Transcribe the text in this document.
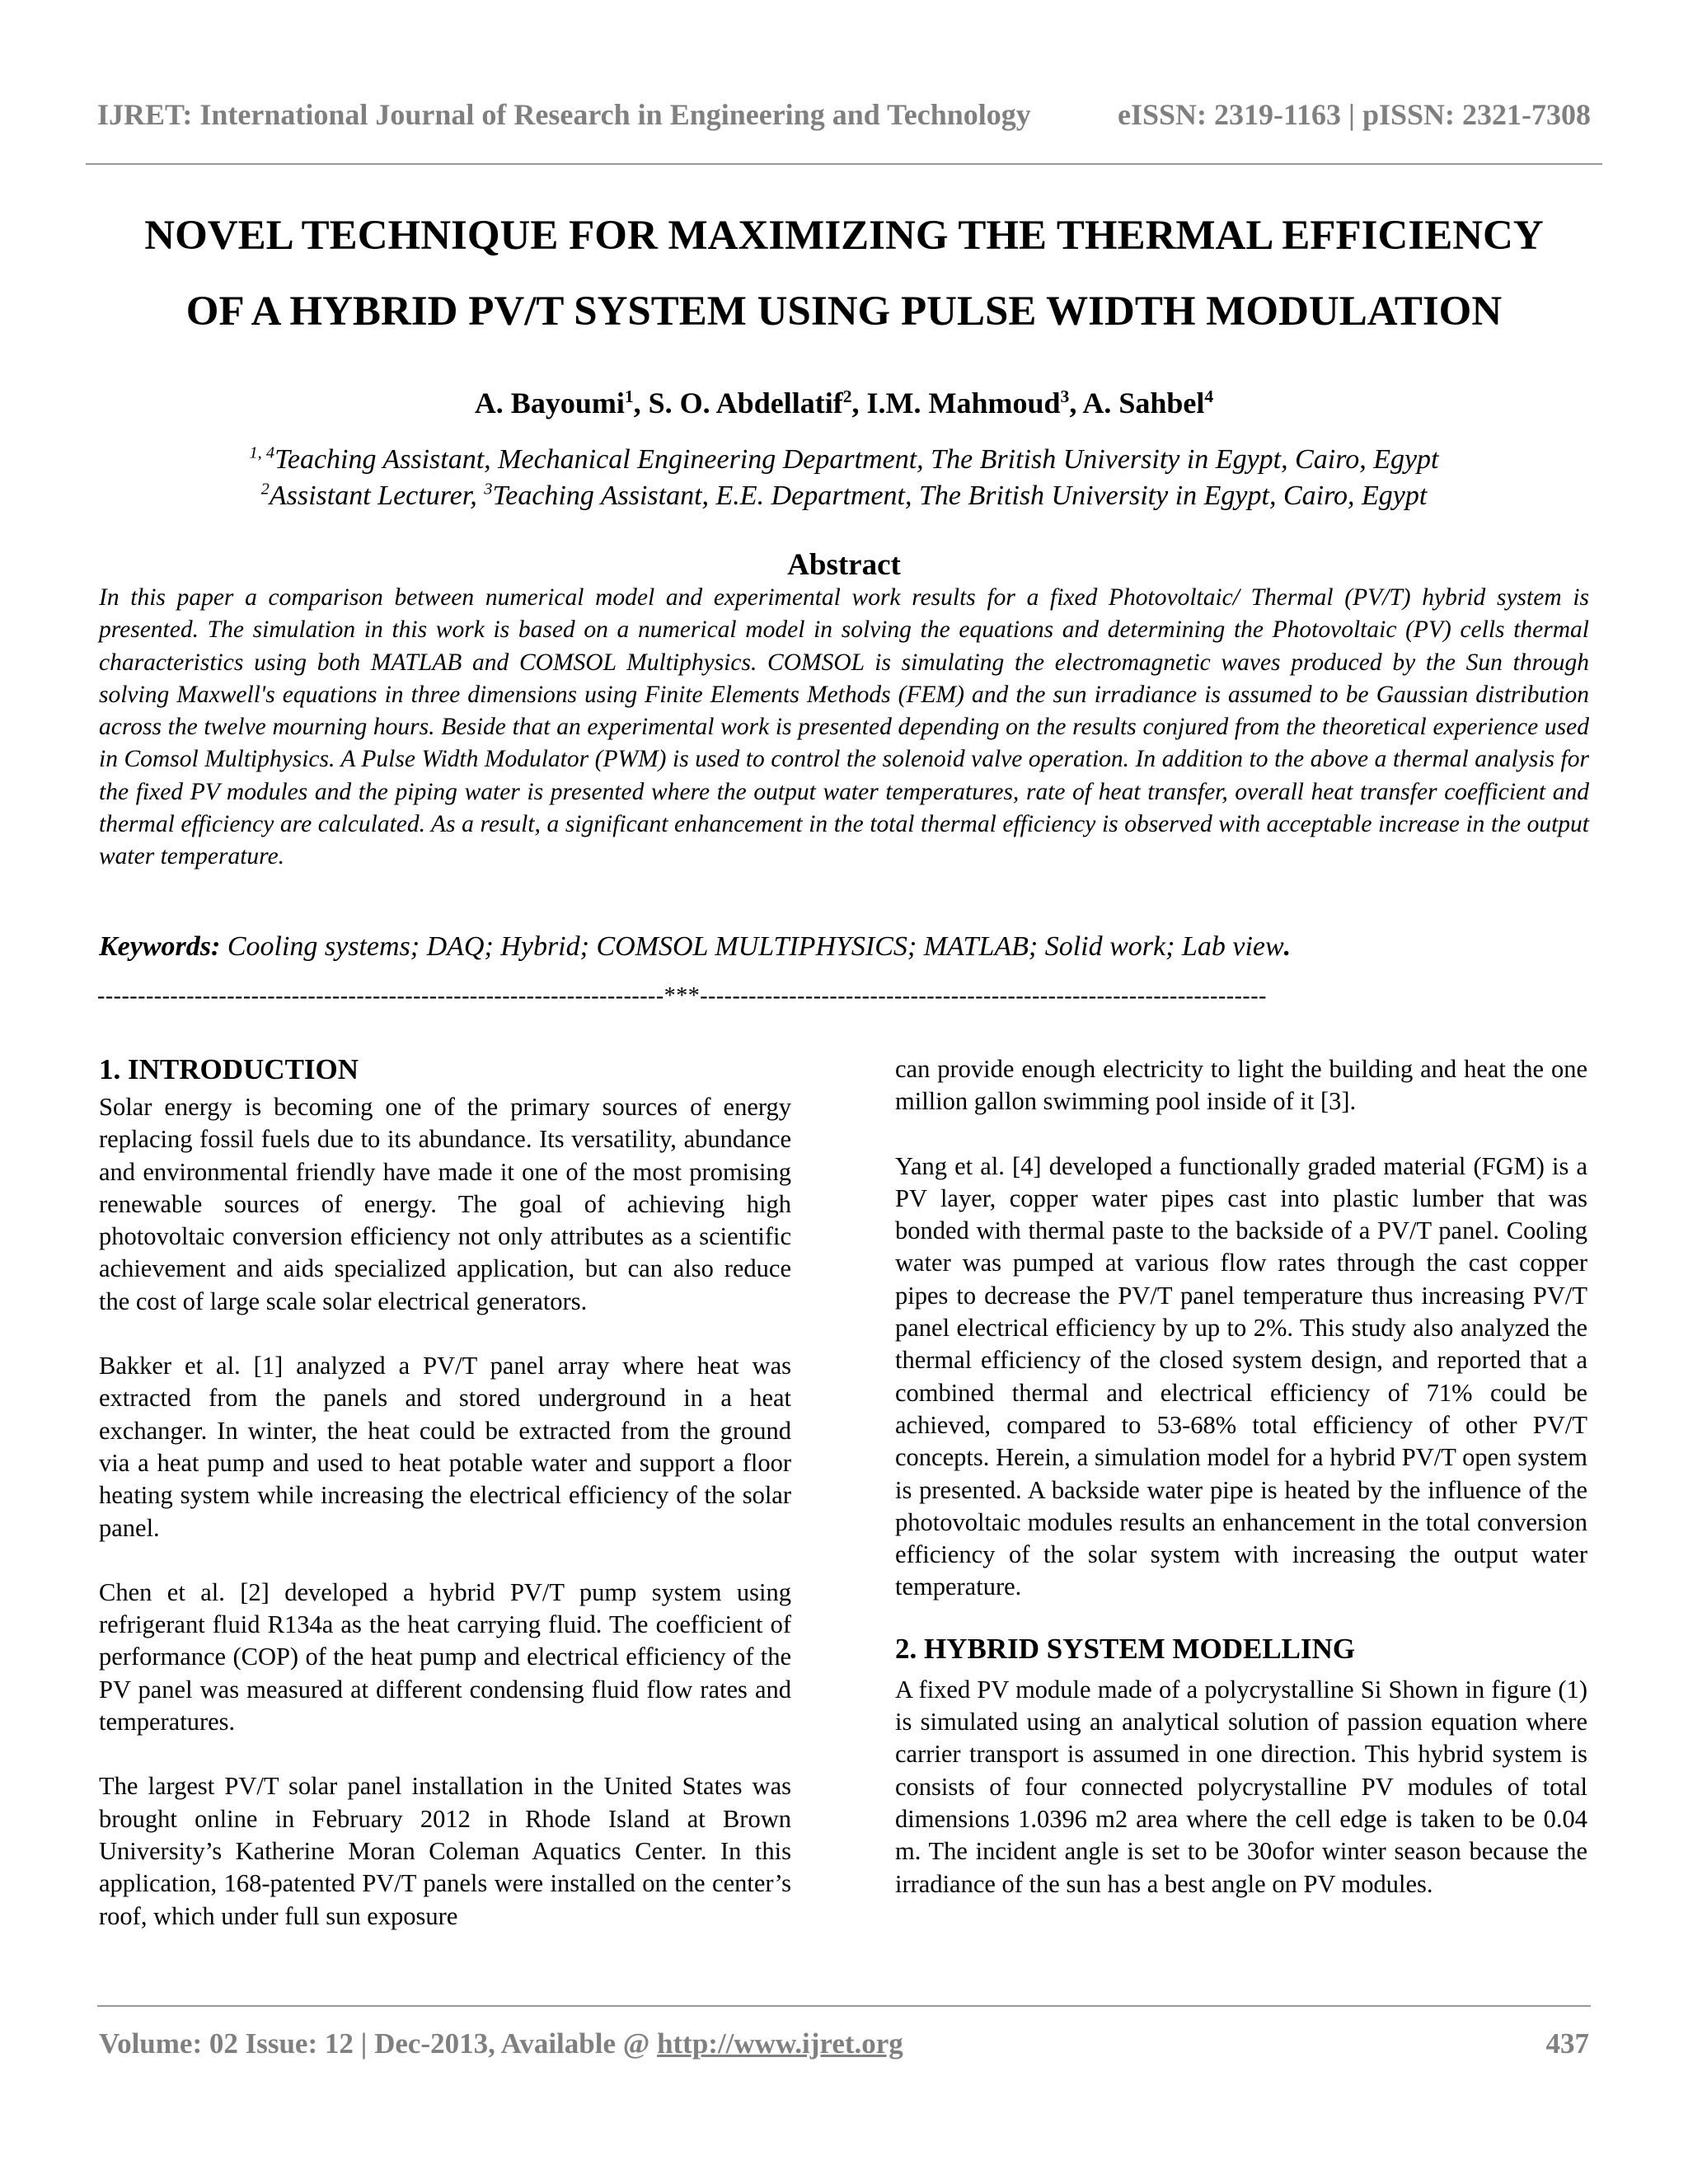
IJRET: International Journal of Research in Engineering and Technology	eISSN: 2319-1163 | pISSN: 2321-7308
NOVEL TECHNIQUE FOR MAXIMIZING THE THERMAL EFFICIENCY
OF A HYBRID PV/T SYSTEM USING PULSE WIDTH MODULATION
A. Bayoumi$^1$, S. O. Abdellatif$^2$, I.M. Mahmoud$^3$, A. Sahbel$^4$
$^{1, 4}$Teaching Assistant, Mechanical Engineering Department, The British University in Egypt, Cairo, Egypt
$^2$Assistant Lecturer, $^3$Teaching Assistant, E.E. Department, The British University in Egypt, Cairo, Egypt
Abstract
In this paper a comparison between numerical model and experimental work results for a fixed Photovoltaic/ Thermal (PV/T) hybrid system is presented. The simulation in this work is based on a numerical model in solving the equations and determining the Photovoltaic (PV) cells thermal characteristics using both MATLAB and COMSOL Multiphysics. COMSOL is simulating the electromagnetic waves produced by the Sun through solving Maxwell's equations in three dimensions using Finite Elements Methods (FEM) and the sun irradiance is assumed to be Gaussian distribution across the twelve mourning hours. Beside that an experimental work is presented depending on the results conjured from the theoretical experience used in Comsol Multiphysics. A Pulse Width Modulator (PWM) is used to control the solenoid valve operation. In addition to the above a thermal analysis for the fixed PV modules and the piping water is presented where the output water temperatures, rate of heat transfer, overall heat transfer coefficient and thermal efficiency are calculated. As a result, a significant enhancement in the total thermal efficiency is observed with acceptable increase in the output water temperature.
Keywords: Cooling systems; DAQ; Hybrid; COMSOL MULTIPHYSICS; MATLAB; Solid work; Lab view.
----------------------------------------------------------------------***----------------------------------------------------------------------
1. INTRODUCTION

Solar energy is becoming one of the primary sources of energy replacing fossil fuels due to its abundance. Its versatility, abundance and environmental friendly have made it one of the most promising renewable sources of energy. The goal of achieving high photovoltaic conversion efficiency not only attributes as a scientific achievement and aids specialized application, but can also reduce the cost of large scale solar electrical generators.

Bakker et al. [1] analyzed a PV/T panel array where heat was extracted from the panels and stored underground in a heat exchanger. In winter, the heat could be extracted from the ground via a heat pump and used to heat potable water and support a floor heating system while increasing the electrical efficiency of the solar panel.

Chen et al. [2] developed a hybrid PV/T pump system using refrigerant fluid R134a as the heat carrying fluid. The coefficient of performance (COP) of the heat pump and electrical efficiency of the PV panel was measured at different condensing fluid flow rates and temperatures.

The largest PV/T solar panel installation in the United States was brought online in February 2012 in Rhode Island at Brown University’s Katherine Moran Coleman Aquatics Center. In this application, 168-patented PV/T panels were installed on the center’s roof, which under full sun exposure

can provide enough electricity to light the building and heat the one million gallon swimming pool inside of it [3].

Yang et al. [4] developed a functionally graded material (FGM) is a PV layer, copper water pipes cast into plastic lumber that was bonded with thermal paste to the backside of a PV/T panel. Cooling water was pumped at various flow rates through the cast copper pipes to decrease the PV/T panel temperature thus increasing PV/T panel electrical efficiency by up to 2%. This study also analyzed the thermal efficiency of the closed system design, and reported that a combined thermal and electrical efficiency of 71% could be achieved, compared to 53-68% total efficiency of other PV/T concepts. Herein, a simulation model for a hybrid PV/T open system is presented. A backside water pipe is heated by the influence of the photovoltaic modules results an enhancement in the total conversion efficiency of the solar system with increasing the output water temperature.

2. HYBRID SYSTEM MODELLING

A fixed PV module made of a polycrystalline Si Shown in figure (1) is simulated using an analytical solution of passion equation where carrier transport is assumed in one direction. This hybrid system is consists of four connected polycrystalline PV modules of total dimensions 1.0396 m2 area where the cell edge is taken to be 0.04 m. The incident angle is set to be 30ofor winter season because the irradiance of the sun has a best angle on PV modules.

Volume: 02 Issue: 12 | Dec-2013, Available @ http://www.ijret.org	437
